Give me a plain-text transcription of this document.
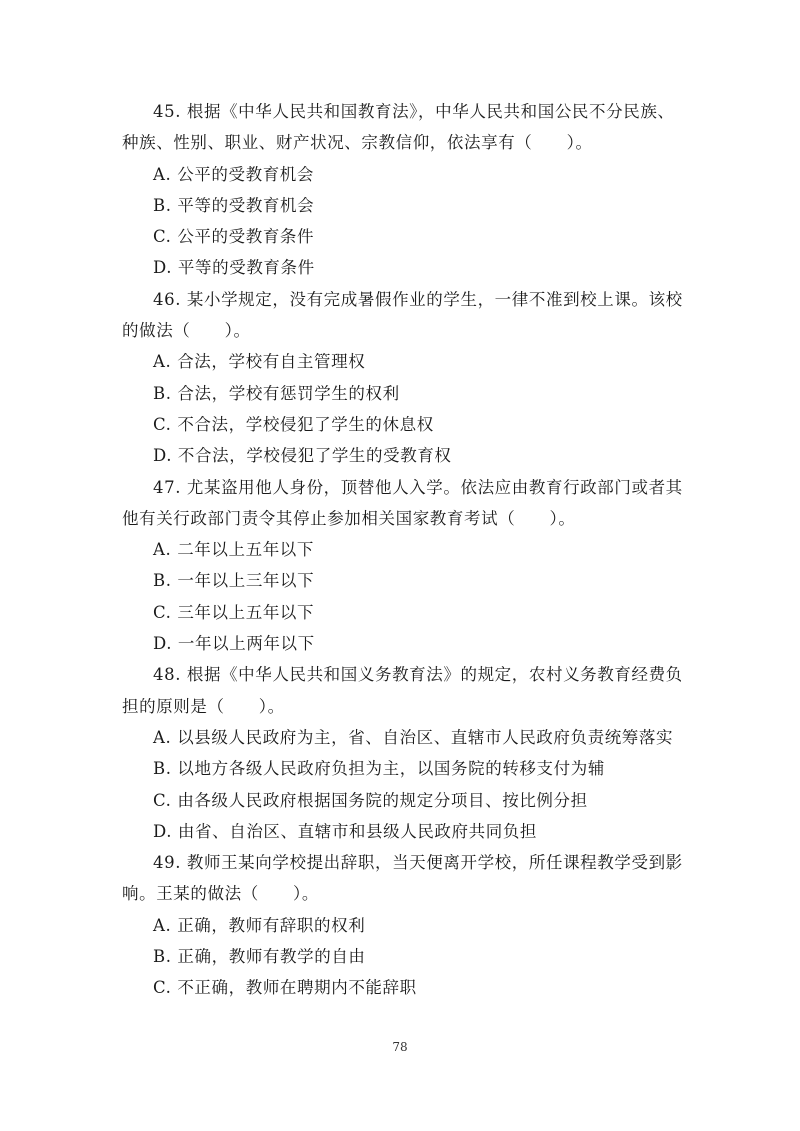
45. 根据《中华人民共和国教育法》，中华人民共和国公民不分民族、种族、性别、职业、财产状况、宗教信仰，依法享有（　　）。

A. 公平的受教育机会

B. 平等的受教育机会

C. 公平的受教育条件

D. 平等的受教育条件

46. 某小学规定，没有完成暑假作业的学生，一律不准到校上课。该校的做法（　　）。

A. 合法，学校有自主管理权

B. 合法，学校有惩罚学生的权利

C. 不合法，学校侵犯了学生的休息权

D. 不合法，学校侵犯了学生的受教育权

47. 尤某盗用他人身份，顶替他人入学。依法应由教育行政部门或者其他有关行政部门责令其停止参加相关国家教育考试（　　）。

A. 二年以上五年以下

B. 一年以上三年以下

C. 三年以上五年以下

D. 一年以上两年以下

48. 根据《中华人民共和国义务教育法》的规定，农村义务教育经费负担的原则是（　　）。

A. 以县级人民政府为主，省、自治区、直辖市人民政府负责统筹落实

B. 以地方各级人民政府负担为主，以国务院的转移支付为辅

C. 由各级人民政府根据国务院的规定分项目、按比例分担

D. 由省、自治区、直辖市和县级人民政府共同负担

49. 教师王某向学校提出辞职，当天便离开学校，所任课程教学受到影响。王某的做法（　　）。

A. 正确，教师有辞职的权利

B. 正确，教师有教学的自由

C. 不正确，教师在聘期内不能辞职

78
